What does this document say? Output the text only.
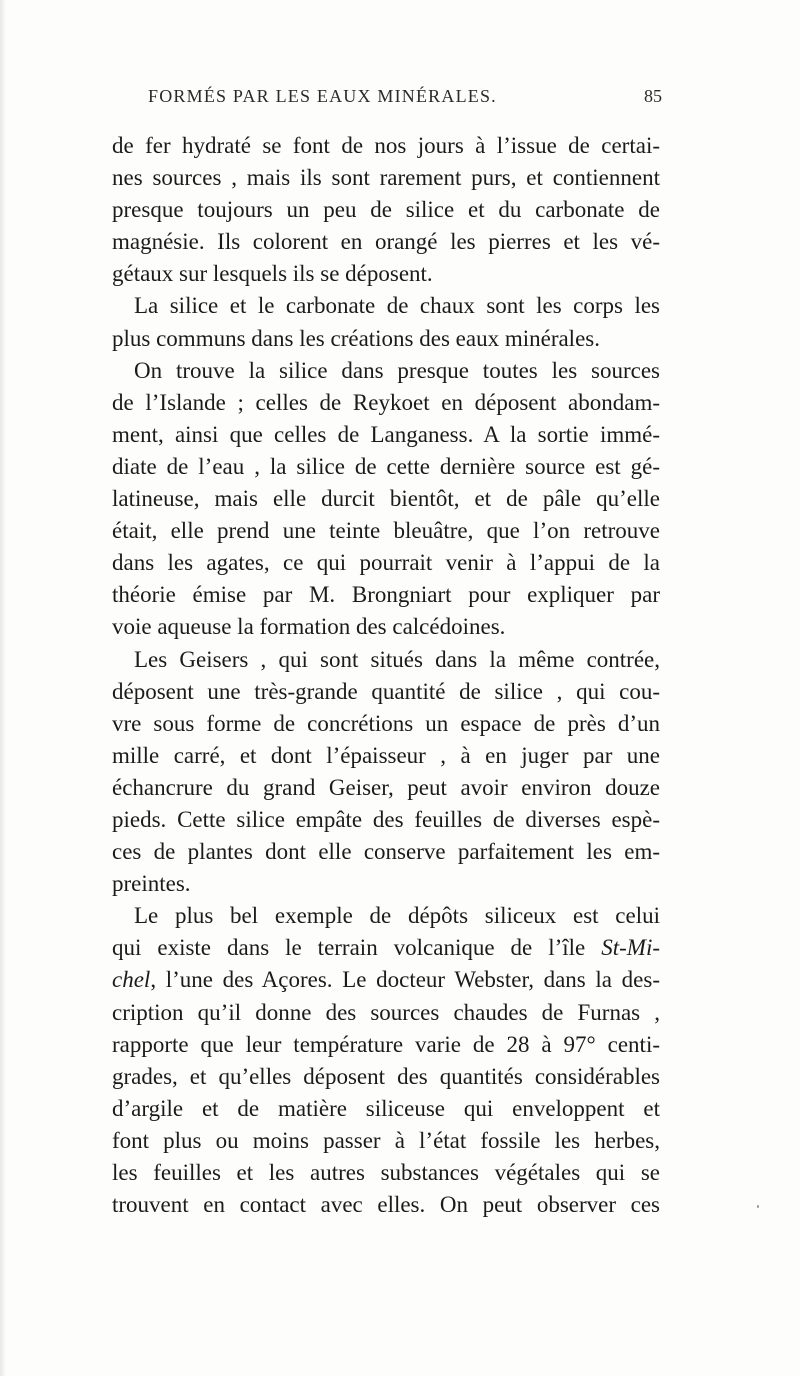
FORMÉS PAR LES EAUX MINÉRALES.	85
de fer hydraté se font de nos jours à l’issue de certai-
nes sources , mais ils sont rarement purs, et contiennent
presque toujours un peu de silice et du carbonate de
magnésie. Ils colorent en orangé les pierres et les vé-
gétaux sur lesquels ils se déposent.
La silice et le carbonate de chaux sont les corps les
plus communs dans les créations des eaux minérales.
On trouve la silice dans presque toutes les sources
de l’Islande ; celles de Reykoet en déposent abondam-
ment, ainsi que celles de Langaness. A la sortie immé-
diate de l’eau , la silice de cette dernière source est gé-
latineuse, mais elle durcit bientôt, et de pâle qu’elle
était, elle prend une teinte bleuâtre, que l’on retrouve
dans les agates, ce qui pourrait venir à l’appui de la
théorie émise par M. Brongniart pour expliquer par
voie aqueuse la formation des calcédoines.
Les Geisers , qui sont situés dans la même contrée,
déposent une très-grande quantité de silice , qui cou-
vre sous forme de concrétions un espace de près d’un
mille carré, et dont l’épaisseur , à en juger par une
échancrure du grand Geiser, peut avoir environ douze
pieds. Cette silice empâte des feuilles de diverses espè-
ces de plantes dont elle conserve parfaitement les em-
preintes.
Le plus bel exemple de dépôts siliceux est celui
qui existe dans le terrain volcanique de l’île St-Mi-
chel, l’une des Açores. Le docteur Webster, dans la des-
cription qu’il donne des sources chaudes de Furnas ,
rapporte que leur température varie de 28 à 97° centi-
grades, et qu’elles déposent des quantités considérables
d’argile et de matière siliceuse qui enveloppent et
font plus ou moins passer à l’état fossile les herbes,
les feuilles et les autres substances végétales qui se
trouvent en contact avec elles. On peut observer ces
